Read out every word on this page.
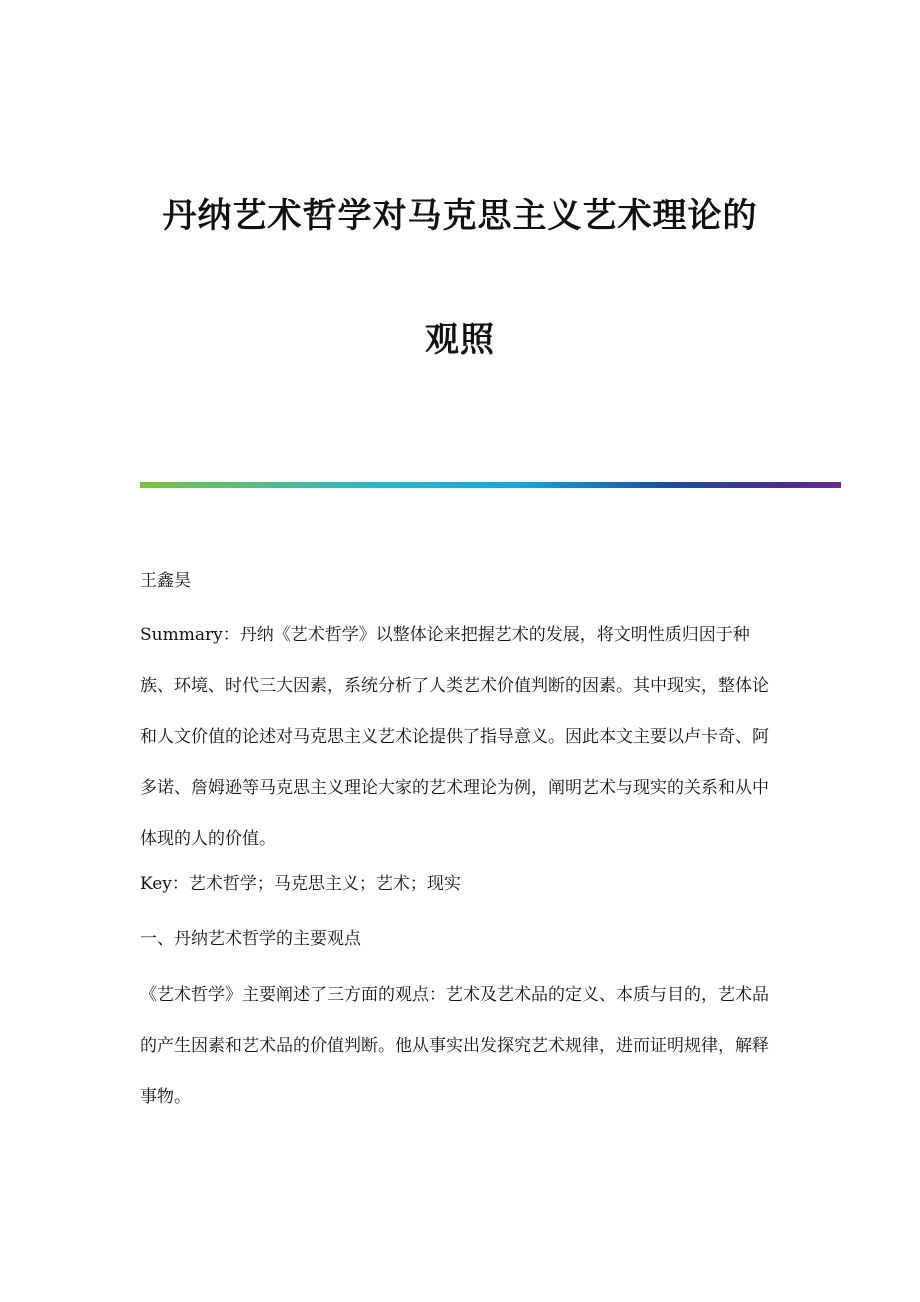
丹纳艺术哲学对马克思主义艺术理论的
观照

王鑫昊

Summary：丹纳《艺术哲学》以整体论来把握艺术的发展，将文明性质归因于种族、环境、时代三大因素，系统分析了人类艺术价值判断的因素。其中现实，整体论和人文价值的论述对马克思主义艺术论提供了指导意义。因此本文主要以卢卡奇、阿多诺、詹姆逊等马克思主义理论大家的艺术理论为例，阐明艺术与现实的关系和从中体现的人的价值。

Key：艺术哲学；马克思主义；艺术；现实

一、丹纳艺术哲学的主要观点

《艺术哲学》主要阐述了三方面的观点：艺术及艺术品的定义、本质与目的，艺术品的产生因素和艺术品的价值判断。他从事实出发探究艺术规律，进而证明规律，解释事物。
